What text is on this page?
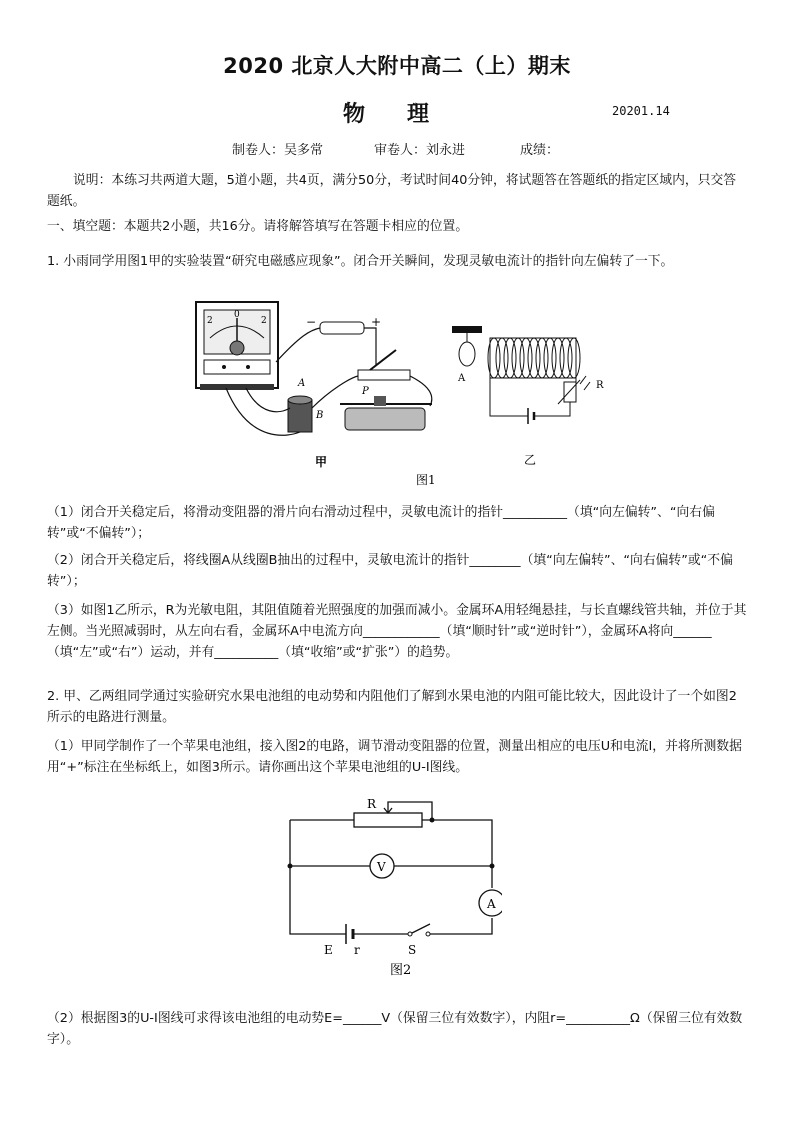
2020 北京人大附中高二（上）期末
物理	20201.14
制卷人：吴多常	审卷人：刘永进	成绩：
说明：本练习共两道大题，5道小题，共4页，满分50分，考试时间40分钟，将试题答在答题纸的指定区域内，只交答题纸。
一、填空题：本题共2小题，共16分。请将解答填写在答题卡相应的位置。
1. 小雨同学用图1甲的实验装置“研究电磁感应现象”。闭合开关瞬间，发现灵敏电流计的指针向左偏转了一下。
2
0
2	−	+
P
A
B
甲
A
R
乙
图1
（1）闭合开关稳定后，将滑动变阻器的滑片向右滑动过程中，灵敏电流计的指针__________（填“向左偏转”、“向右偏转”或“不偏转”）；
（2）闭合开关稳定后，将线圈A从线圈B抽出的过程中，灵敏电流计的指针________（填“向左偏转”、“向右偏转”或“不偏转”）；
（3）如图1乙所示，R为光敏电阻，其阻值随着光照强度的加强而减小。金属环A用轻绳悬挂，与长直螺线管共轴，并位于其左侧。当光照减弱时，从左向右看，金属环A中电流方向____________（填“顺时针”或“逆时针”），金属环A将向______（填“左”或“右”）运动，并有__________（填“收缩”或“扩张”）的趋势。
2. 甲、乙两组同学通过实验研究水果电池组的电动势和内阻他们了解到水果电池的内阻可能比较大，因此设计了一个如图2所示的电路进行测量。
（1）甲同学制作了一个苹果电池组，接入图2的电路，调节滑动变阻器的位置，测量出相应的电压U和电流I，并将所测数据用“+”标注在坐标纸上，如图3所示。请你画出这个苹果电池组的U-I图线。
R
V
A
E r	S
图2
（2）根据图3的U-I图线可求得该电池组的电动势E=______V（保留三位有效数字），内阻r=__________Ω（保留三位有效数字）。
